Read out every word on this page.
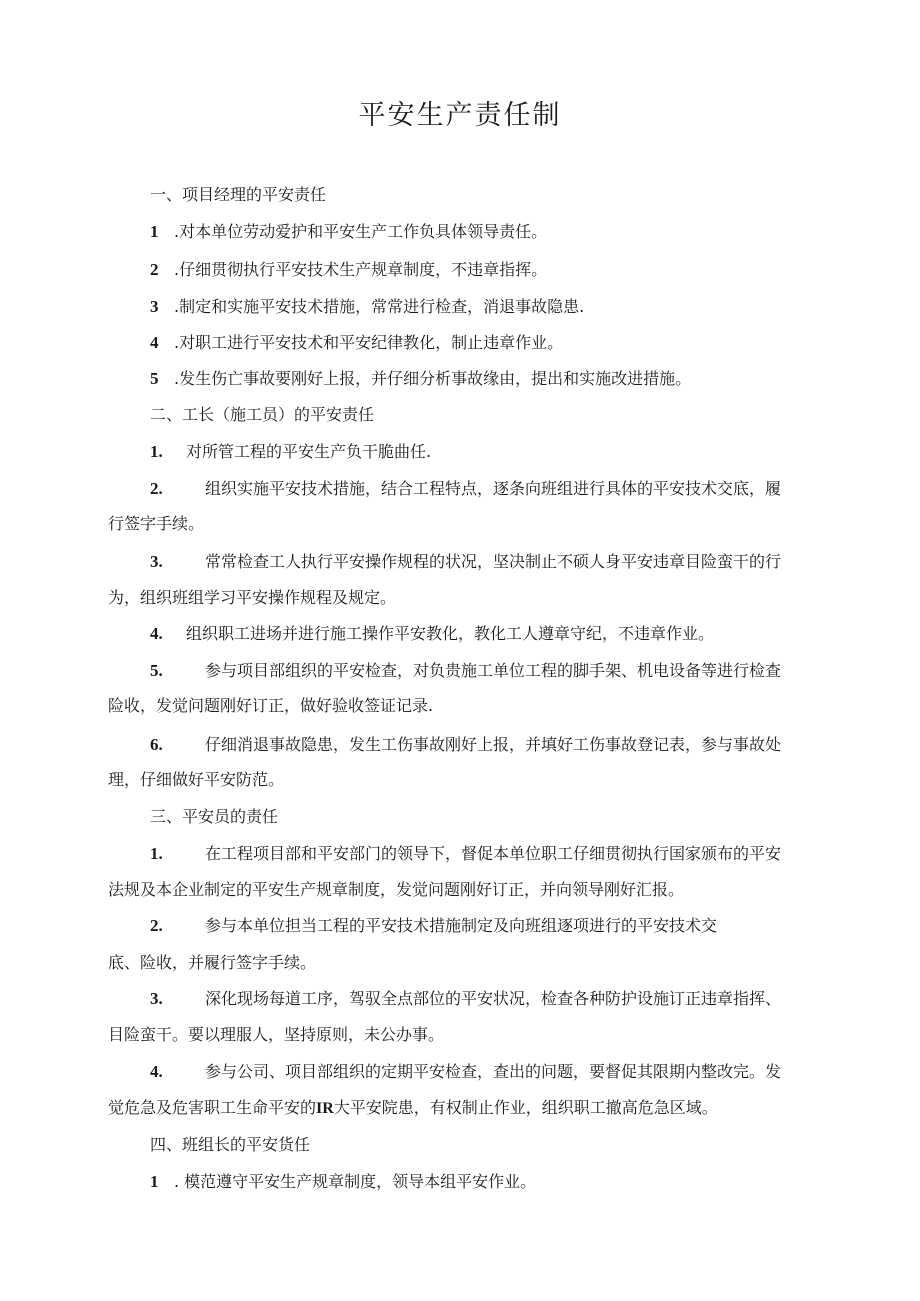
平安生产责任制
一、项目经理的平安责任
1 .对本单位劳动爱护和平安生产工作负具体领导责任。
2 .仔细贯彻执行平安技术生产规章制度，不违章指挥。
3 .制定和实施平安技术措施，常常进行检查，消退事故隐患.
4 .对职工进行平安技术和平安纪律教化，制止违章作业。
5 .发生伤亡事故要刚好上报，并仔细分析事故缘由，提出和实施改进措施。
二、工长（施工员）的平安责任
1. 对所管工程的平安生产负干脆曲任.
2.	组织实施平安技术措施，结合工程特点，逐条向班组进行具体的平安技术交底，履
行签字手续。
3.	常常检查工人执行平安操作规程的状况，坚决制止不硕人身平安违章目险蛮干的行
为，组织班组学习平安操作规程及规定。
4. 组织职工进场并进行施工操作平安教化，教化工人遵章守纪，不违章作业。
5.	参与项目部组织的平安检查，对负贵施工单位工程的脚手架、机电设备等进行检查
险收，发觉问题刚好订正，做好验收签证记录.
6.	仔细消退事故隐患，发生工伤事故刚好上报，并填好工伤事故登记表，参与事故处
理，仔细做好平安防范。
三、平安员的责任
1.	在工程项目部和平安部门的领导下，督促本单位职工仔细贯彻执行国家颁布的平安
法规及本企业制定的平安生产规章制度，发觉问题刚好订正，并向领导刚好汇报。
2.	参与本单位担当工程的平安技术措施制定及向班组逐项进行的平安技术交
底、险收，并履行签字手续。
3.	深化现场每道工序，驾驭全点部位的平安状况，检查各种防护设施订正违章指挥、
目险蛮干。要以理服人，坚持原则，未公办事。
4.	参与公司、项目部组织的定期平安检查，查出的问题，要督促其限期内整改完。发
觉危急及危害职工生命平安的IR大平安院患，有权制止作业，组织职工撤高危急区域。
四、班组长的平安货任
1 . 模范遵守平安生产规章制度，领导本组平安作业。
